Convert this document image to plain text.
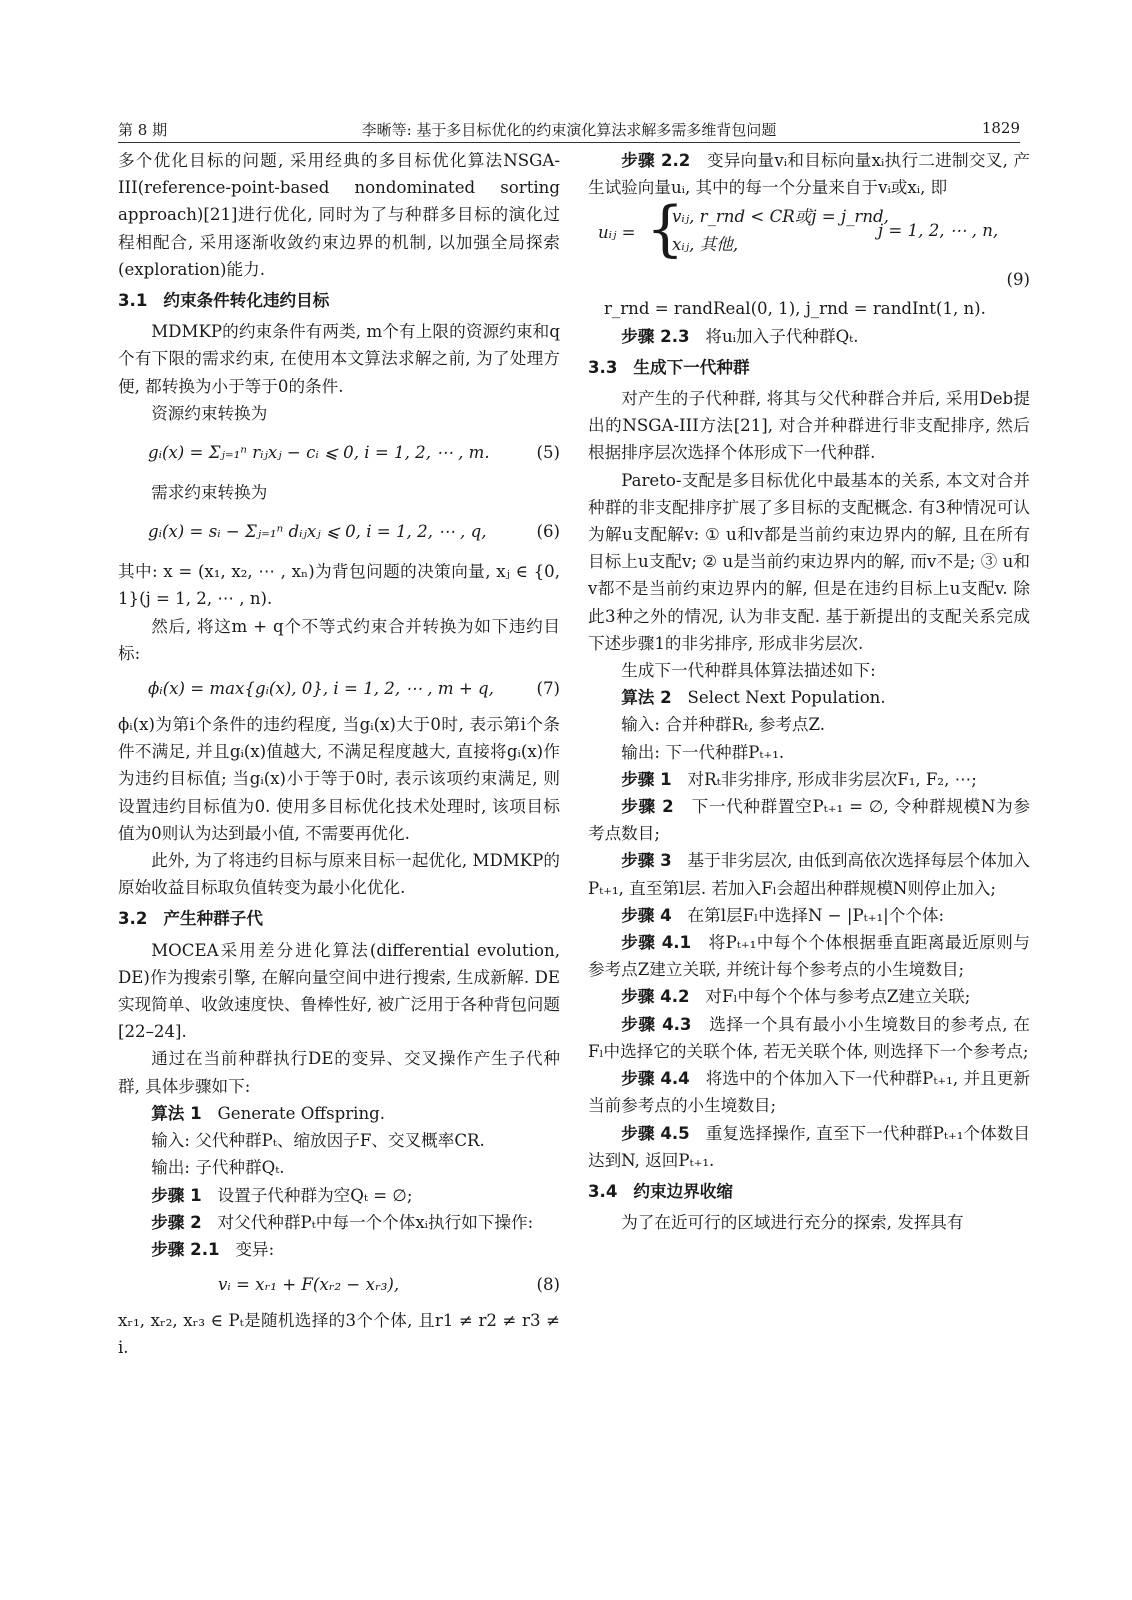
第 8 期	李晰等: 基于多目标优化的约束演化算法求解多需多维背包问题	1829

多个优化目标的问题, 采用经典的多目标优化算法NSGA-III(reference-point-based nondominated sorting approach)[21]进行优化, 同时为了与种群多目标的演化过程相配合, 采用逐渐收敛约束边界的机制, 以加强全局探索(exploration)能力.

3.1 约束条件转化违约目标

MDMKP的约束条件有两类, m个有上限的资源约束和q个有下限的需求约束, 在使用本文算法求解之前, 为了处理方便, 都转换为小于等于0的条件.

资源约束转换为

gᵢ(x) = Σⱼ₌₁ⁿ rᵢⱼxⱼ − cᵢ ⩽ 0, i = 1, 2, ⋯ , m.	(5)

需求约束转换为

gᵢ(x) = sᵢ − Σⱼ₌₁ⁿ dᵢⱼxⱼ ⩽ 0, i = 1, 2, ⋯ , q,	(6)

其中: x = (x₁, x₂, ⋯ , xₙ)为背包问题的决策向量, xⱼ ∈ {0, 1}(j = 1, 2, ⋯ , n).

然后, 将这m + q个不等式约束合并转换为如下违约目标:

ϕᵢ(x) = max{gᵢ(x), 0}, i = 1, 2, ⋯ , m + q,	(7)

ϕᵢ(x)为第i个条件的违约程度, 当gᵢ(x)大于0时, 表示第i个条件不满足, 并且gᵢ(x)值越大, 不满足程度越大, 直接将gᵢ(x)作为违约目标值; 当gᵢ(x)小于等于0时, 表示该项约束满足, 则设置违约目标值为0. 使用多目标优化技术处理时, 该项目标值为0则认为达到最小值, 不需要再优化.

此外, 为了将违约目标与原来目标一起优化, MDMKP的原始收益目标取负值转变为最小化优化.

3.2 产生种群子代

MOCEA采用差分进化算法(differential evolution, DE)作为搜索引擎, 在解向量空间中进行搜索, 生成新解. DE实现简单、收敛速度快、鲁棒性好, 被广泛用于各种背包问题[22–24].

通过在当前种群执行DE的变异、交叉操作产生子代种群, 具体步骤如下:

算法 1 Generate Offspring.

输入: 父代种群Pₜ、缩放因子F、交叉概率CR.

输出: 子代种群Qₜ.

步骤 1 设置子代种群为空Qₜ = ∅;

步骤 2 对父代种群Pₜ中每一个个体xᵢ执行如下操作:

步骤 2.1 变异:

vᵢ = xᵣ₁ + F(xᵣ₂ − xᵣ₃),	(8)

xᵣ₁, xᵣ₂, xᵣ₃ ∈ Pₜ是随机选择的3个个体, 且r1 ≠ r2 ≠ r3 ≠ i.

步骤 2.2 变异向量vᵢ和目标向量xᵢ执行二进制交叉, 产生试验向量uᵢ, 其中的每一个分量来自于vᵢ或xᵢ, 即

uᵢⱼ = {
vᵢⱼ, r_rnd < CR或j = j_rnd,
xᵢⱼ, 其他,
j = 1, 2, ⋯ , n,
(9)

r_rnd = randReal(0, 1), j_rnd = randInt(1, n).

步骤 2.3 将uᵢ加入子代种群Qₜ.

3.3 生成下一代种群

对产生的子代种群, 将其与父代种群合并后, 采用Deb提出的NSGA-III方法[21], 对合并种群进行非支配排序, 然后根据排序层次选择个体形成下一代种群.

Pareto-支配是多目标优化中最基本的关系, 本文对合并种群的非支配排序扩展了多目标的支配概念. 有3种情况可认为解u支配解v: ① u和v都是当前约束边界内的解, 且在所有目标上u支配v; ② u是当前约束边界内的解, 而v不是; ③ u和v都不是当前约束边界内的解, 但是在违约目标上u支配v. 除此3种之外的情况, 认为非支配. 基于新提出的支配关系完成下述步骤1的非劣排序, 形成非劣层次.

生成下一代种群具体算法描述如下:

算法 2 Select Next Population.

输入: 合并种群Rₜ, 参考点Z.

输出: 下一代种群Pₜ₊₁.

步骤 1 对Rₜ非劣排序, 形成非劣层次F₁, F₂, ⋯;

步骤 2 下一代种群置空Pₜ₊₁ = ∅, 令种群规模N为参考点数目;

步骤 3 基于非劣层次, 由低到高依次选择每层个体加入Pₜ₊₁, 直至第l层. 若加入Fₗ会超出种群规模N则停止加入;

步骤 4 在第l层Fₗ中选择N − |Pₜ₊₁|个个体:

步骤 4.1 将Pₜ₊₁中每个个体根据垂直距离最近原则与参考点Z建立关联, 并统计每个参考点的小生境数目;

步骤 4.2 对Fₗ中每个个体与参考点Z建立关联;

步骤 4.3 选择一个具有最小小生境数目的参考点, 在Fₗ中选择它的关联个体, 若无关联个体, 则选择下一个参考点;

步骤 4.4 将选中的个体加入下一代种群Pₜ₊₁, 并且更新当前参考点的小生境数目;

步骤 4.5 重复选择操作, 直至下一代种群Pₜ₊₁个体数目达到N, 返回Pₜ₊₁.

3.4 约束边界收缩

为了在近可行的区域进行充分的探索, 发挥具有
